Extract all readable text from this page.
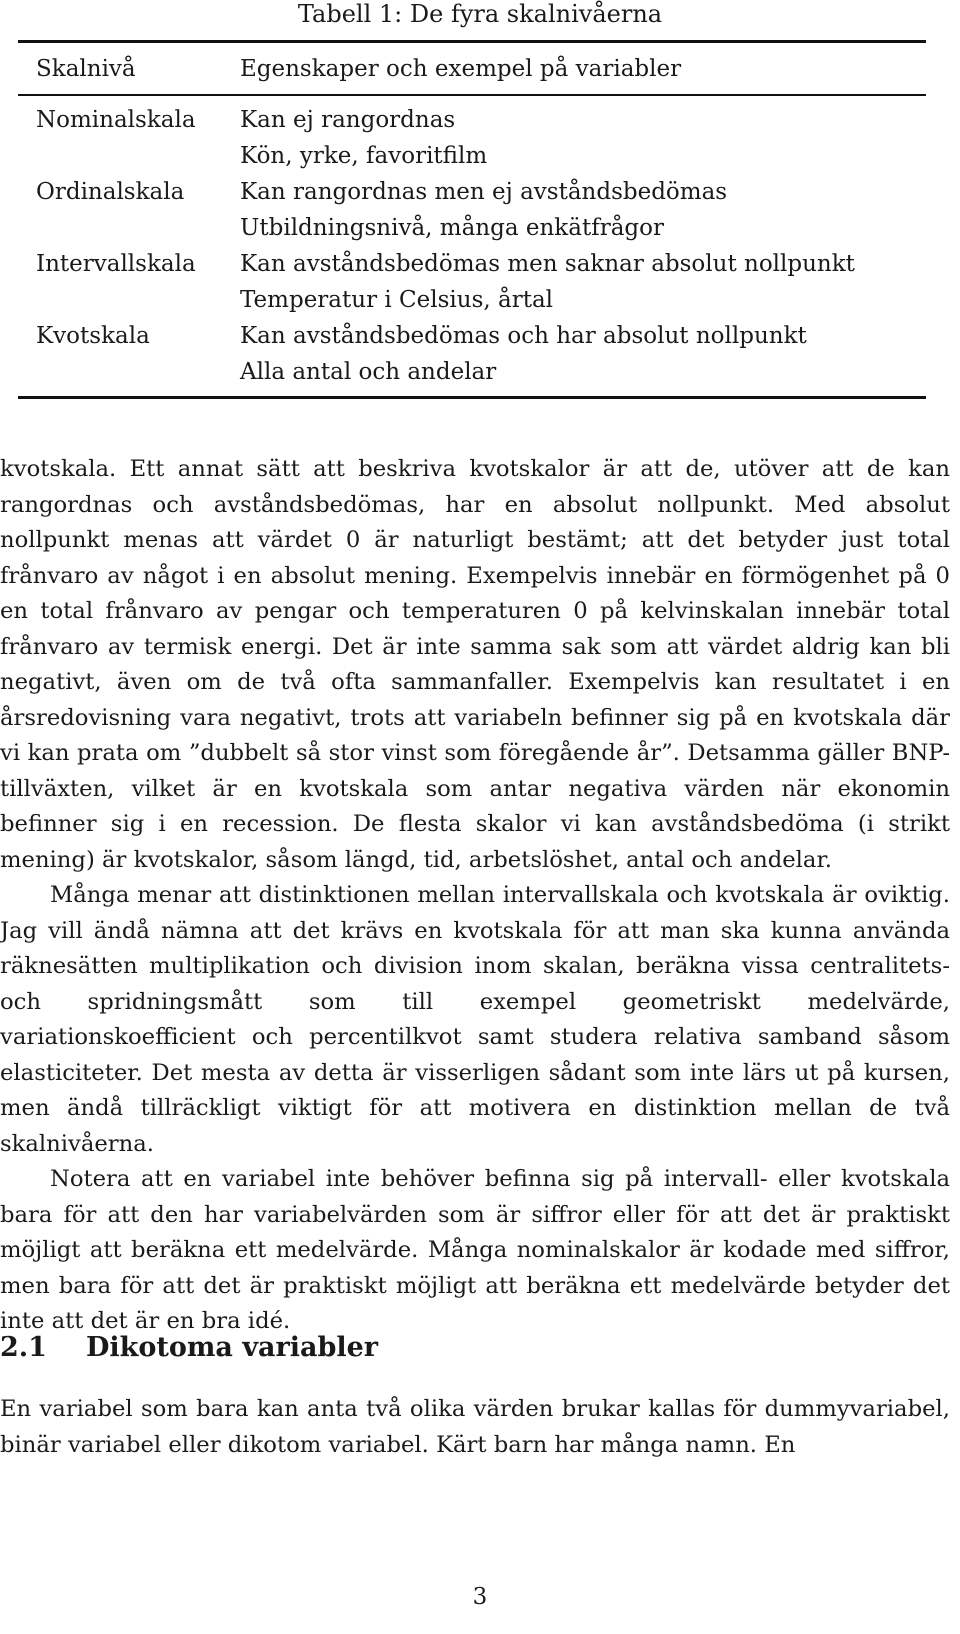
Tabell 1: De fyra skalnivåerna
Skalnivå	Egenskaper och exempel på variabler
Nominalskala Kan ej rangordnas
Kön, yrke, favoritfilm
Ordinalskala Kan rangordnas men ej avståndsbedömas
Utbildningsnivå, många enkätfrågor
Intervallskala Kan avståndsbedömas men saknar absolut nollpunkt
Temperatur i Celsius, årtal
Kvotskala	Kan avståndsbedömas och har absolut nollpunkt
Alla antal och andelar

kvotskala. Ett annat sätt att beskriva kvotskalor är att de, utöver att de kan rangordnas och avståndsbedömas, har en absolut nollpunkt. Med absolut nollpunkt menas att värdet 0 är naturligt bestämt; att det betyder just total frånvaro av något i en absolut mening. Exempelvis innebär en förmögenhet på 0 en total frånvaro av pengar och temperaturen 0 på kelvinskalan innebär total frånvaro av termisk energi. Det är inte samma sak som att värdet aldrig kan bli negativt, även om de två ofta sammanfaller. Exempelvis kan resultatet i en årsredovisning vara negativt, trots att variabeln befinner sig på en kvotskala där vi kan prata om ”dubbelt så stor vinst som föregående år”. Detsamma gäller BNP-tillväxten, vilket är en kvotskala som antar negativa värden när ekonomin befinner sig i en recession. De flesta skalor vi kan avståndsbedöma (i strikt mening) är kvotskalor, såsom längd, tid, arbetslöshet, antal och andelar.

Många menar att distinktionen mellan intervallskala och kvotskala är oviktig. Jag vill ändå nämna att det krävs en kvotskala för att man ska kunna använda räknesätten multiplikation och division inom skalan, beräkna vissa centralitets- och spridningsmått som till exempel geometriskt medelvärde, variationskoefficient och percentilkvot samt studera relativa samband såsom elasticiteter. Det mesta av detta är visserligen sådant som inte lärs ut på kursen, men ändå tillräckligt viktigt för att motivera en distinktion mellan de två skalnivåerna.

Notera att en variabel inte behöver befinna sig på intervall- eller kvotskala bara för att den har variabelvärden som är siffror eller för att det är praktiskt möjligt att beräkna ett medelvärde. Många nominalskalor är kodade med siffror, men bara för att det är praktiskt möjligt att beräkna ett medelvärde betyder det inte att det är en bra idé.

2.1 Dikotoma variabler

En variabel som bara kan anta två olika värden brukar kallas för dummyvariabel, binär variabel eller dikotom variabel. Kärt barn har många namn. En

3
